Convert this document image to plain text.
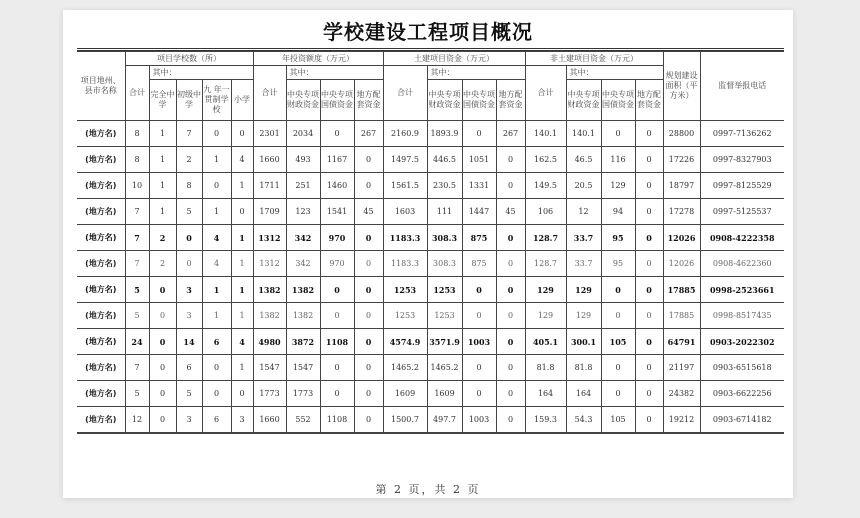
学校建设工程项目概况
项目地州、县市名称	项目学校数（所）					年投资额度（万元）				土建项目资金（万元）				非土建项目资金（万元）				规划建设面积（平方米）	监督举报电话
	合计	其中：				合计	其中：			合计	其中：			合计	其中：				
		完全中学	初级中学	九 年一贯制学 校	小学		中央专项财政资金	中央专项国债资金	地方配套资金		中央专项财政资金	中央专项国债资金	地方配套资金		中央专项财政资金	中央专项国债资金	地方配套资金		
(地方名)	8	1	7	0	0	2301	2034	0	267	2160.9	1893.9	0	267	140.1	140.1	0	0	28800	0997-7136262
(地方名)	8	1	2	1	4	1660	493	1167	0	1497.5	446.5	1051	0	162.5	46.5	116	0	17226	0997-8327903
(地方名)	10	1	8	0	1	1711	251	1460	0	1561.5	230.5	1331	0	149.5	20.5	129	0	18797	0997-8125529
(地方名)	7	1	5	1	0	1709	123	1541	45	1603	111	1447	45	106	12	94	0	17278	0997-5125537
(地方名)	7	2	0	4	1	1312	342	970	0	1183.3	308.3	875	0	128.7	33.7	95	0	12026	0908-4222358
(地方名)	7	2	0	4	1	1312	342	970	0	1183.3	308.3	875	0	128.7	33.7	95	0	12026	0908-4622360
(地方名)	5	0	3	1	1	1382	1382	0	0	1253	1253	0	0	129	129	0	0	17885	0998-2523661
(地方名)	5	0	3	1	1	1382	1382	0	0	1253	1253	0	0	129	129	0	0	17885	0998-8517435
(地方名)	24	0	14	6	4	4980	3872	1108	0	4574.9	3571.9	1003	0	405.1	300.1	105	0	64791	0903-2022302
(地方名)	7	0	6	0	1	1547	1547	0	0	1465.2	1465.2	0	0	81.8	81.8	0	0	21197	0903-6515618
(地方名)	5	0	5	0	0	1773	1773	0	0	1609	1609	0	0	164	164	0	0	24382	0903-6622256
(地方名)	12	0	3	6	3	1660	552	1108	0	1500.7	497.7	1003	0	159.3	54.3	105	0	19212	0903-6714182
第 2 页，共 2 页
